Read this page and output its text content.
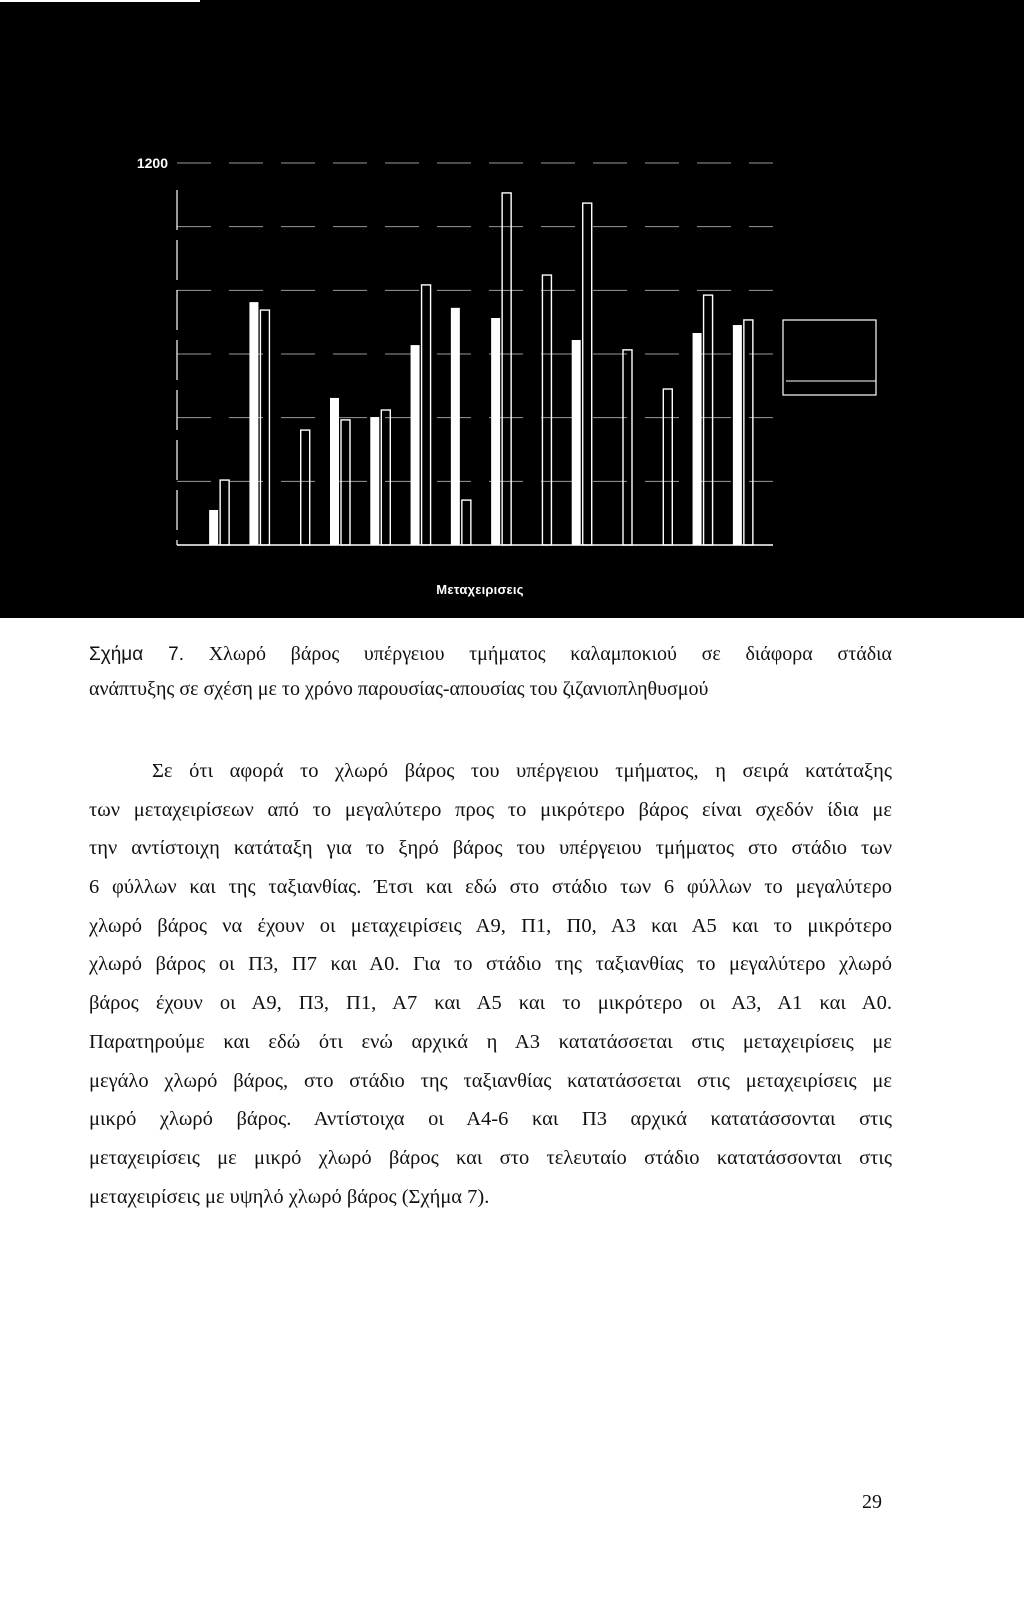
1200
Μεταχειρισεις
Σχήμα 7. Χλωρό βάρος υπέργειου τμήματος καλαμποκιού σε διάφορα στάδια
ανάπτυξης σε σχέση με το χρόνο παρουσίας-απουσίας του ζιζανιοπληθυσμού
Σε ότι αφορά το χλωρό βάρος του υπέργειου τμήματος, η σειρά κατάταξης
των μεταχειρίσεων από το μεγαλύτερο προς το μικρότερο βάρος είναι σχεδόν ίδια με
την αντίστοιχη κατάταξη για το ξηρό βάρος του υπέργειου τμήματος στο στάδιο των
6 φύλλων και της ταξιανθίας. Έτσι και εδώ στο στάδιο των 6 φύλλων το μεγαλύτερο
χλωρό βάρος να έχουν οι μεταχειρίσεις Α9, Π1, Π0, Α3 και Α5 και το μικρότερο
χλωρό βάρος οι Π3, Π7 και Α0. Για το στάδιο της ταξιανθίας το μεγαλύτερο χλωρό
βάρος έχουν οι Α9, Π3, Π1, Α7 και Α5 και το μικρότερο οι Α3, Α1 και Α0.
Παρατηρούμε και εδώ ότι ενώ αρχικά η Α3 κατατάσσεται στις μεταχειρίσεις με
μεγάλο χλωρό βάρος, στο στάδιο της ταξιανθίας κατατάσσεται στις μεταχειρίσεις με
μικρό χλωρό βάρος. Αντίστοιχα οι Α4-6 και Π3 αρχικά κατατάσσονται στις
μεταχειρίσεις με μικρό χλωρό βάρος και στο τελευταίο στάδιο κατατάσσονται στις
μεταχειρίσεις με υψηλό χλωρό βάρος (Σχήμα 7).
29
